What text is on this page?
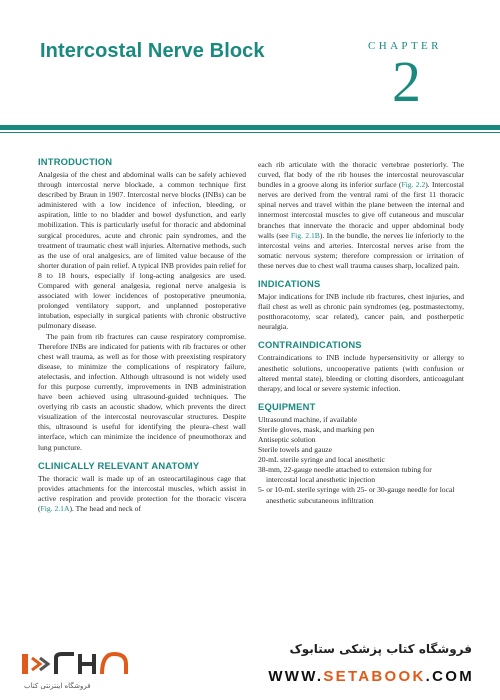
Intercostal Nerve Block	CHAPTER
2
INTRODUCTION

Analgesia of the chest and abdominal walls can be safely achieved through intercostal nerve blockade, a common technique first described by Braun in 1907. Intercostal nerve blocks (INBs) can be administered with a low incidence of infection, bleeding, or aspiration, little to no bladder and bowel dysfunction, and early mobilization. This is particularly useful for thoracic and abdominal surgical procedures, acute and chronic pain syndromes, and the treatment of traumatic chest wall injuries. Alternative methods, such as the use of oral analgesics, are of limited value because of the shorter duration of pain relief. A typical INB provides pain relief for 8 to 18 hours, especially if long-acting analgesics are used. Compared with general analgesia, regional nerve analgesia is associated with lower incidences of postoperative pneumonia, prolonged ventilatory support, and unplanned postoperative intubation, especially in surgical patients with chronic obstructive pulmonary disease.

The pain from rib fractures can cause respiratory compromise. Therefore INBs are indicated for patients with rib fractures or other chest wall trauma, as well as for those with preexisting respiratory disease, to minimize the complications of respiratory failure, atelectasis, and infection. Although ultrasound is not widely used for this purpose currently, improvements in INB administration have been achieved using ultrasound-guided techniques. The overlying rib casts an acoustic shadow, which prevents the direct visualization of the intercostal neurovascular structures. Despite this, ultrasound is useful for identifying the pleura–chest wall interface, which can minimize the incidence of pneumothorax and lung puncture.

CLINICALLY RELEVANT ANATOMY

The thoracic wall is made up of an osteocartilaginous cage that provides attachments for the intercostal muscles, which assist in active respiration and provide protection for the thoracic viscera (Fig. 2.1A). The head and neck of

each rib articulate with the thoracic vertebrae posteriorly. The curved, flat body of the rib houses the intercostal neurovascular bundles in a groove along its inferior surface (Fig. 2.2). Intercostal nerves are derived from the ventral rami of the first 11 thoracic spinal nerves and travel within the plane between the internal and innermost intercostal muscles to give off cutaneous and muscular branches that innervate the thoracic and upper abdominal body walls (see Fig. 2.1B). In the bundle, the nerves lie inferiorly to the intercostal veins and arteries. Intercostal nerves arise from the somatic nervous system; therefore compression or irritation of these nerves due to chest wall trauma causes sharp, localized pain.

INDICATIONS

Major indications for INB include rib fractures, chest injuries, and flail chest as well as chronic pain syndromes (eg, postmastectomy, postthoracotomy, scar related), cancer pain, and postherpetic neuralgia.

CONTRAINDICATIONS

Contraindications to INB include hypersensitivity or allergy to anesthetic solutions, uncooperative patients (with confusion or altered mental state), bleeding or clotting disorders, anticoagulant therapy, and local or severe systemic infection.

EQUIPMENT
Ultrasound machine, if available
Sterile gloves, mask, and marking pen
Antiseptic solution
Sterile towels and gauze
20-mL sterile syringe and local anesthetic
38-mm, 22-gauge needle attached to extension tubing for intercostal local anesthetic injection
5- or 10-mL sterile syringe with 25- or 30-gauge needle for local anesthetic subcutaneous infiltration
فروشگاه اینترنتی کتاب
فروشگاه کتاب پزشکی ستابوک
WWW.SETABOOK.COM
